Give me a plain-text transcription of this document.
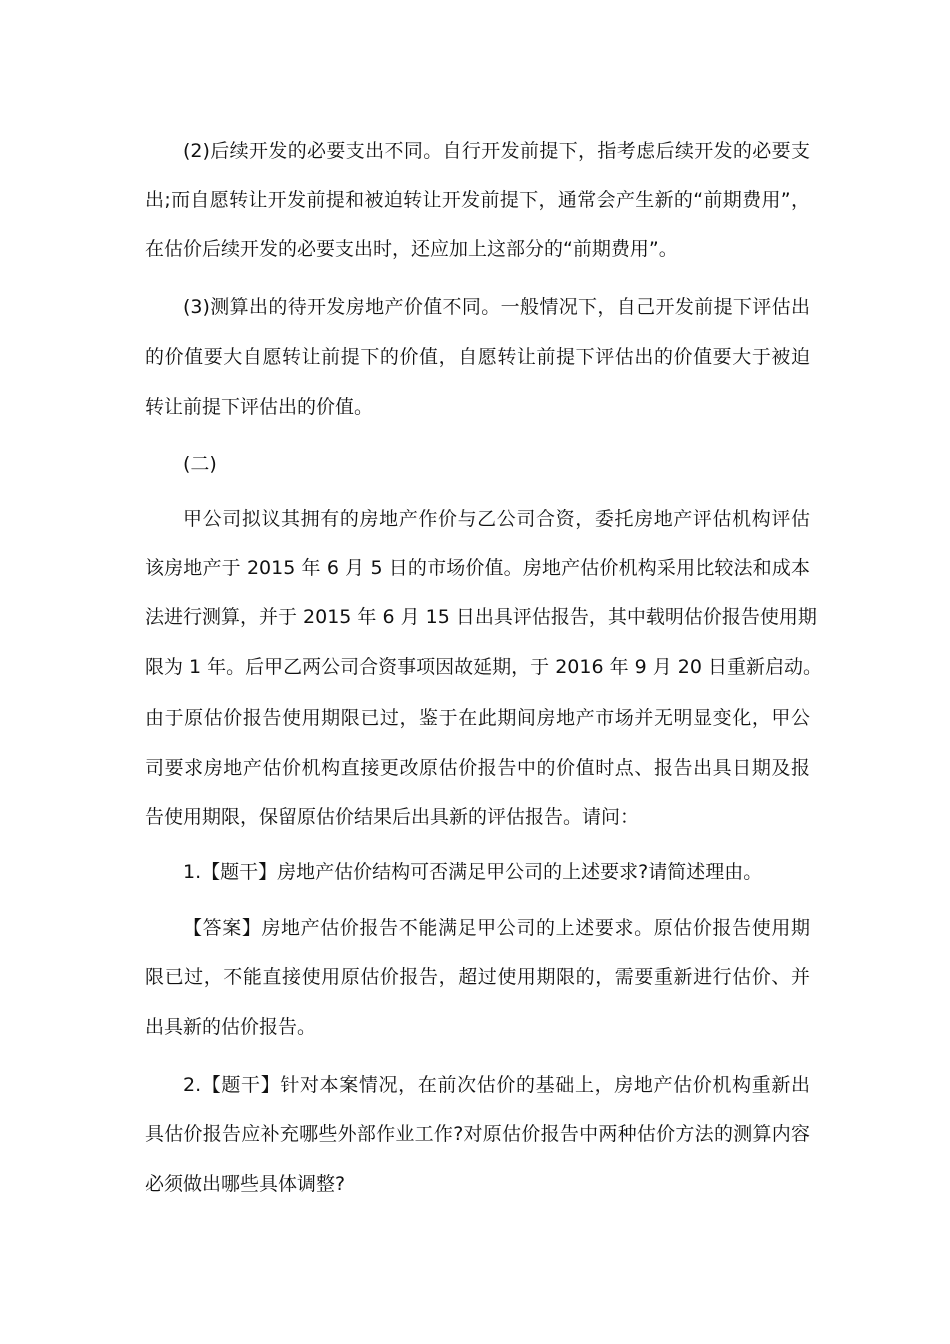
(2)后续开发的必要支出不同。自行开发前提下，指考虑后续开发的必要支
出;而自愿转让开发前提和被迫转让开发前提下，通常会产生新的“前期费用”，
在估价后续开发的必要支出时，还应加上这部分的“前期费用”。
(3)测算出的待开发房地产价值不同。一般情况下，自己开发前提下评估出
的价值要大自愿转让前提下的价值，自愿转让前提下评估出的价值要大于被迫
转让前提下评估出的价值。
(二)
甲公司拟议其拥有的房地产作价与乙公司合资，委托房地产评估机构评估
该房地产于 2015 年 6 月 5 日的市场价值。房地产估价机构采用比较法和成本
法进行测算，并于 2015 年 6 月 15 日出具评估报告，其中载明估价报告使用期
限为 1 年。后甲乙两公司合资事项因故延期，于 2016 年 9 月 20 日重新启动。
由于原估价报告使用期限已过，鉴于在此期间房地产市场并无明显变化，甲公
司要求房地产估价机构直接更改原估价报告中的价值时点、报告出具日期及报
告使用期限，保留原估价结果后出具新的评估报告。请问：
1.【题干】房地产估价结构可否满足甲公司的上述要求?请简述理由。
【答案】房地产估价报告不能满足甲公司的上述要求。原估价报告使用期
限已过，不能直接使用原估价报告，超过使用期限的，需要重新进行估价、并
出具新的估价报告。
2.【题干】针对本案情况，在前次估价的基础上，房地产估价机构重新出
具估价报告应补充哪些外部作业工作?对原估价报告中两种估价方法的测算内容
必须做出哪些具体调整?
